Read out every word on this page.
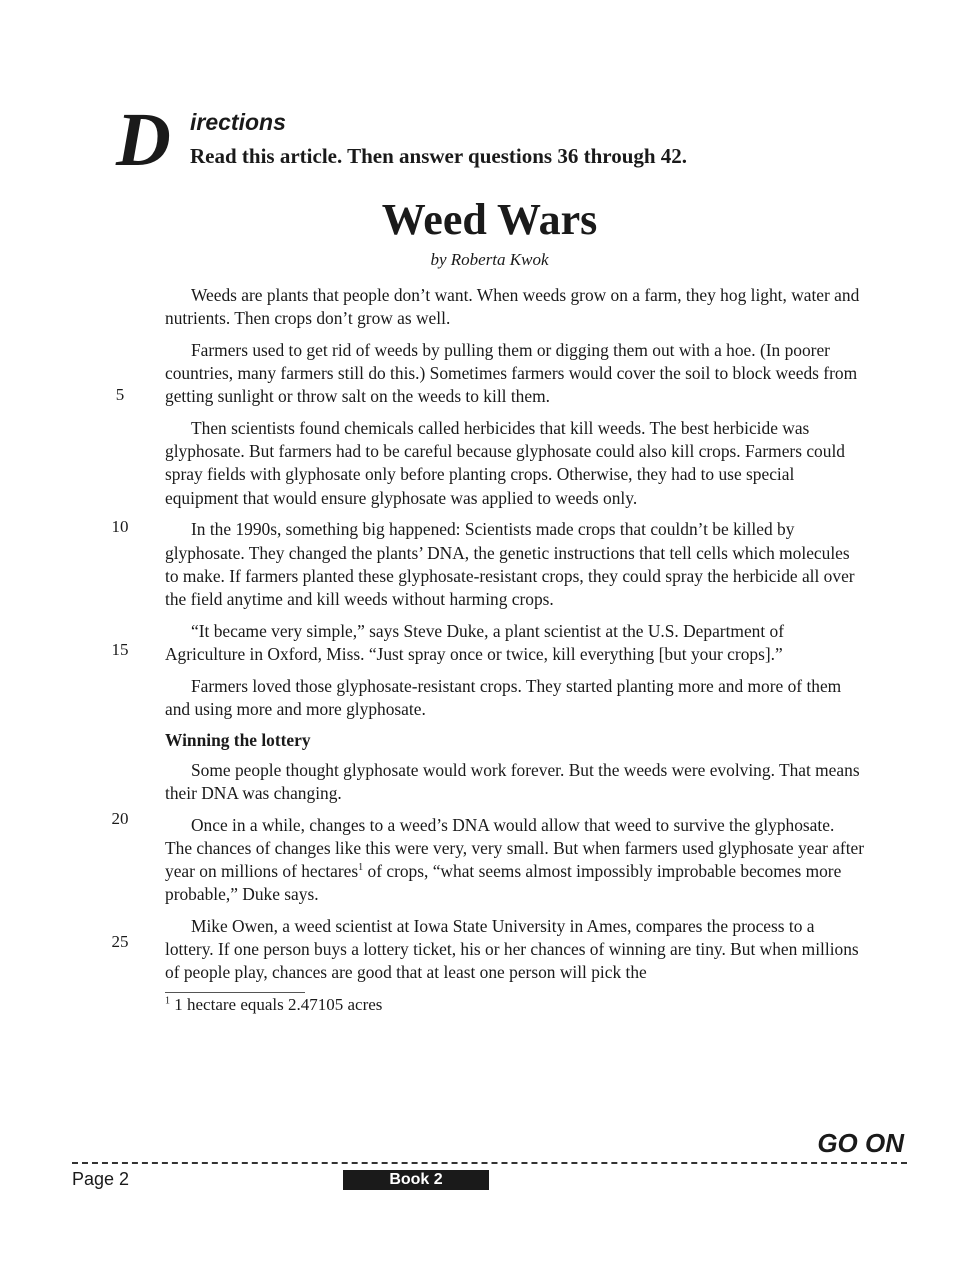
D irections
Read this article. Then answer questions 36 through 42.
Weed Wars
by Roberta Kwok
5
10
15
20
25

Weeds are plants that people don’t want. When weeds grow on a farm, they hog light, water and nutrients. Then crops don’t grow as well.

Farmers used to get rid of weeds by pulling them or digging them out with a hoe. (In poorer countries, many farmers still do this.) Sometimes farmers would cover the soil to block weeds from getting sunlight or throw salt on the weeds to kill them.

Then scientists found chemicals called herbicides that kill weeds. The best herbicide was glyphosate. But farmers had to be careful because glyphosate could also kill crops. Farmers could spray fields with glyphosate only before planting crops. Otherwise, they had to use special equipment that would ensure glyphosate was applied to weeds only.

In the 1990s, something big happened: Scientists made crops that couldn’t be killed by glyphosate. They changed the plants’ DNA, the genetic instructions that tell cells which molecules to make. If farmers planted these glyphosate-resistant crops, they could spray the herbicide all over the field anytime and kill weeds without harming crops.

“It became very simple,” says Steve Duke, a plant scientist at the U.S. Department of Agriculture in Oxford, Miss. “Just spray once or twice, kill everything [but your crops].”

Farmers loved those glyphosate-resistant crops. They started planting more and more of them and using more and more glyphosate.

Winning the lottery

Some people thought glyphosate would work forever. But the weeds were evolving. That means their DNA was changing.

Once in a while, changes to a weed’s DNA would allow that weed to survive the glyphosate. The chances of changes like this were very, very small. But when farmers used glyphosate year after year on millions of hectares$^1$ of crops, “what seems almost impossibly improbable becomes more probable,” Duke says.

Mike Owen, a weed scientist at Iowa State University in Ames, compares the process to a lottery. If one person buys a lottery ticket, his or her chances of winning are tiny. But when millions of people play, chances are good that at least one person will pick the

$^1$ 1 hectare equals 2.47105 acres
GO ON
Page 2	Book 2
